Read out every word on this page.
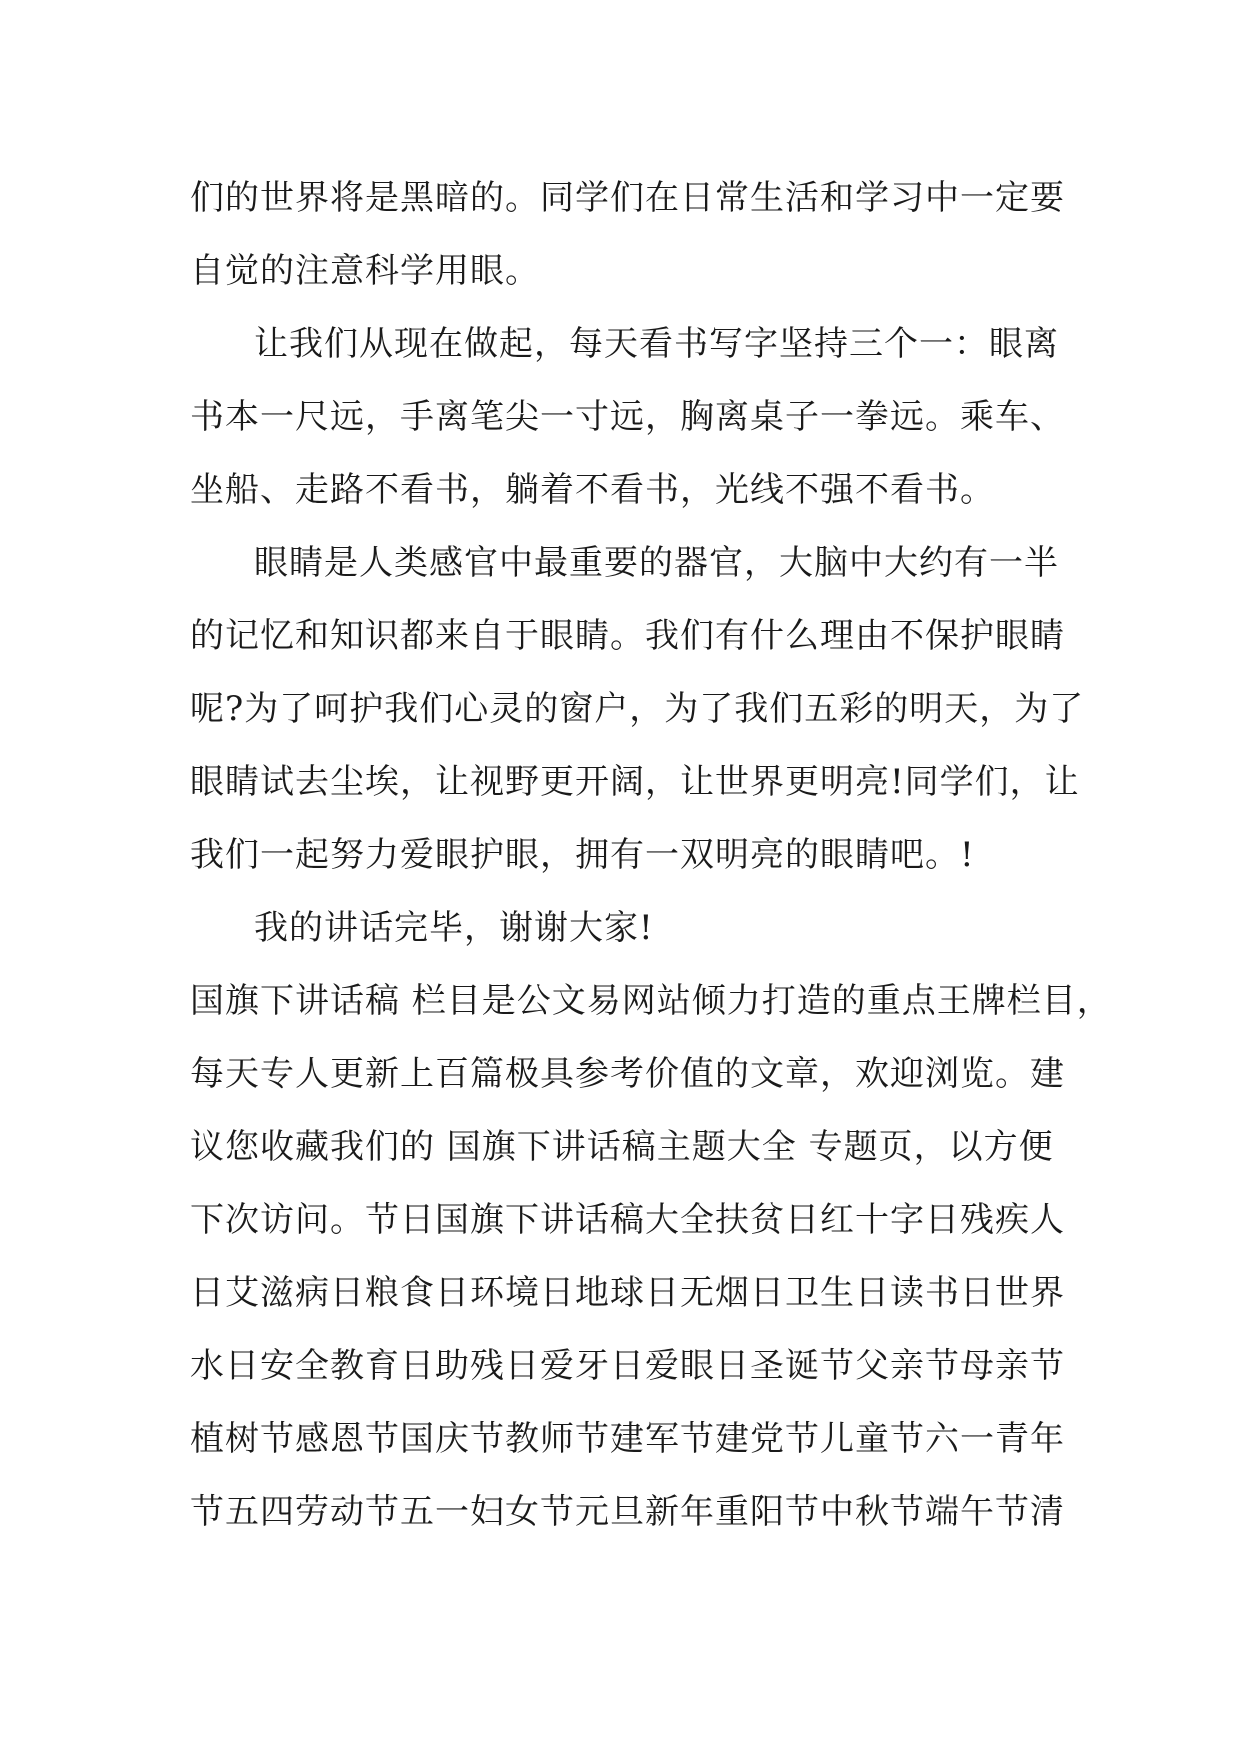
们的世界将是黑暗的。同学们在日常生活和学习中一定要
自觉的注意科学用眼。
让我们从现在做起，每天看书写字坚持三个一：眼离
书本一尺远，手离笔尖一寸远，胸离桌子一拳远。乘车、
坐船、走路不看书，躺着不看书，光线不强不看书。
眼睛是人类感官中最重要的器官，大脑中大约有一半
的记忆和知识都来自于眼睛。我们有什么理由不保护眼睛
呢?为了呵护我们心灵的窗户，为了我们五彩的明天，为了
眼睛试去尘埃，让视野更开阔，让世界更明亮!同学们，让
我们一起努力爱眼护眼，拥有一双明亮的眼睛吧。!
我的讲话完毕，谢谢大家!
国旗下讲话稿 栏目是公文易网站倾力打造的重点王牌栏目，
每天专人更新上百篇极具参考价值的文章，欢迎浏览。建
议您收藏我们的 国旗下讲话稿主题大全 专题页，以方便
下次访问。节日国旗下讲话稿大全扶贫日红十字日残疾人
日艾滋病日粮食日环境日地球日无烟日卫生日读书日世界
水日安全教育日助残日爱牙日爱眼日圣诞节父亲节母亲节
植树节感恩节国庆节教师节建军节建党节儿童节六一青年
节五四劳动节五一妇女节元旦新年重阳节中秋节端午节清
